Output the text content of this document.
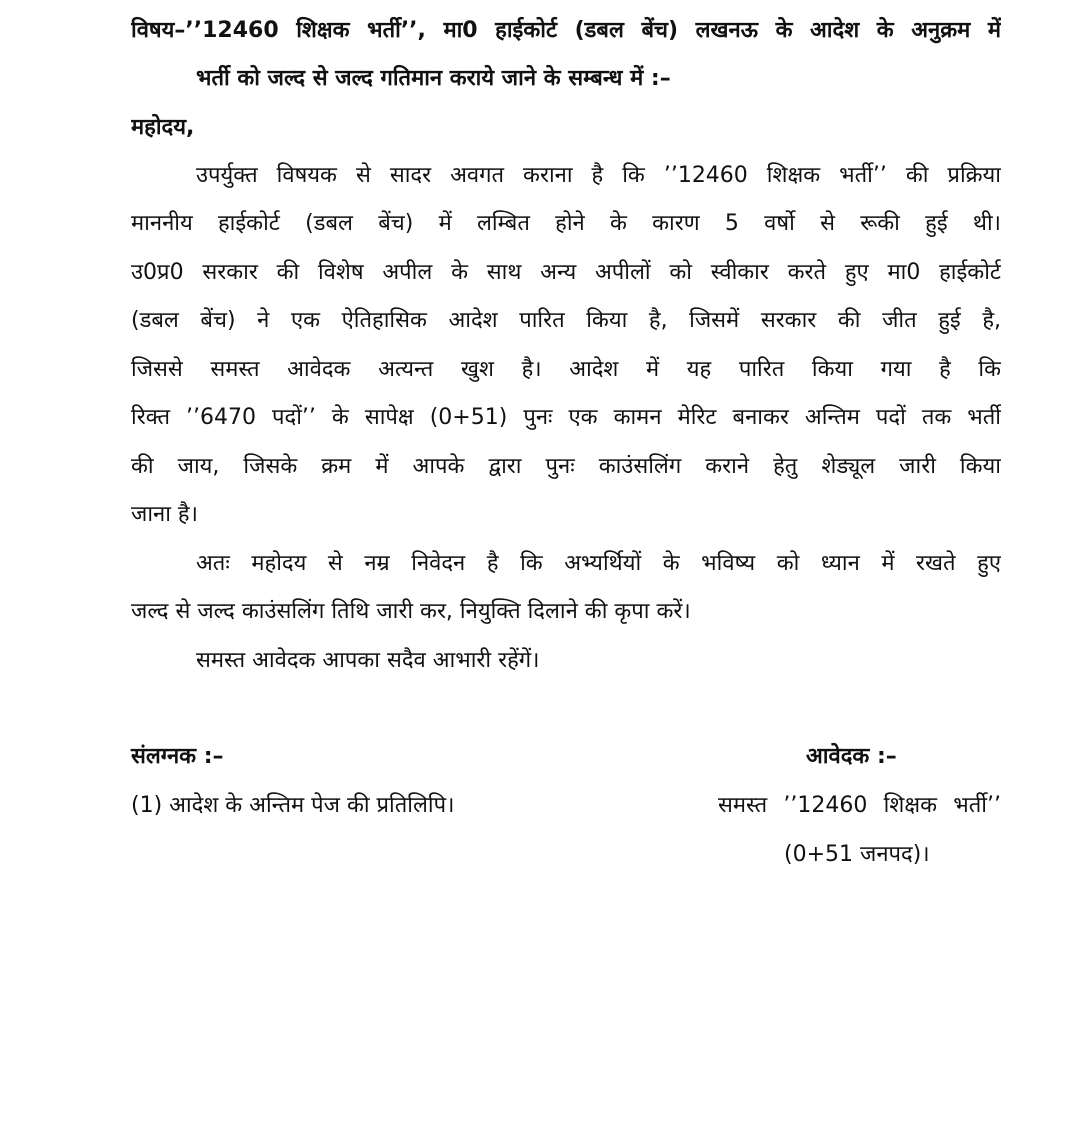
विषय–’’12460 शिक्षक भर्ती’’, मा0 हाईकोर्ट (डबल बेंच) लखनऊ के आदेश के अनुक्रम में
भर्ती को जल्द से जल्द गतिमान कराये जाने के सम्बन्ध में :–
महोदय,
उपर्युक्त विषयक से सादर अवगत कराना है कि ’’12460 शिक्षक भर्ती’’ की प्रक्रिया
माननीय हाईकोर्ट (डबल बेंच) में लम्बित होने के कारण 5 वर्षो से रूकी हुई थी।
उ0प्र0 सरकार की विशेष अपील के साथ अन्य अपीलों को स्वीकार करते हुए मा0 हाईकोर्ट
(डबल बेंच) ने एक ऐतिहासिक आदेश पारित किया है, जिसमें सरकार की जीत हुई है,
जिससे समस्त आवेदक अत्यन्त खुश है। आदेश में यह पारित किया गया है कि
रिक्त ’’6470 पदों’’ के सापेक्ष (0+51) पुनः एक कामन मेरिट बनाकर अन्तिम पदों तक भर्ती
की जाय, जिसके क्रम में आपके द्वारा पुनः काउंसलिंग कराने हेतु शेड्यूल जारी किया
जाना है।
अतः महोदय से नम्र निवेदन है कि अभ्यर्थियों के भविष्य को ध्यान में रखते हुए
जल्द से जल्द काउंसलिंग तिथि जारी कर, नियुक्ति दिलाने की कृपा करें।
समस्त आवेदक आपका सदैव आभारी रहेंगें।
संलग्नक :–
(1) आदेश के अन्तिम पेज की प्रतिलिपि।
आवेदक :–
समस्त ’’12460 शिक्षक भर्ती’’
(0+51 जनपद)।
